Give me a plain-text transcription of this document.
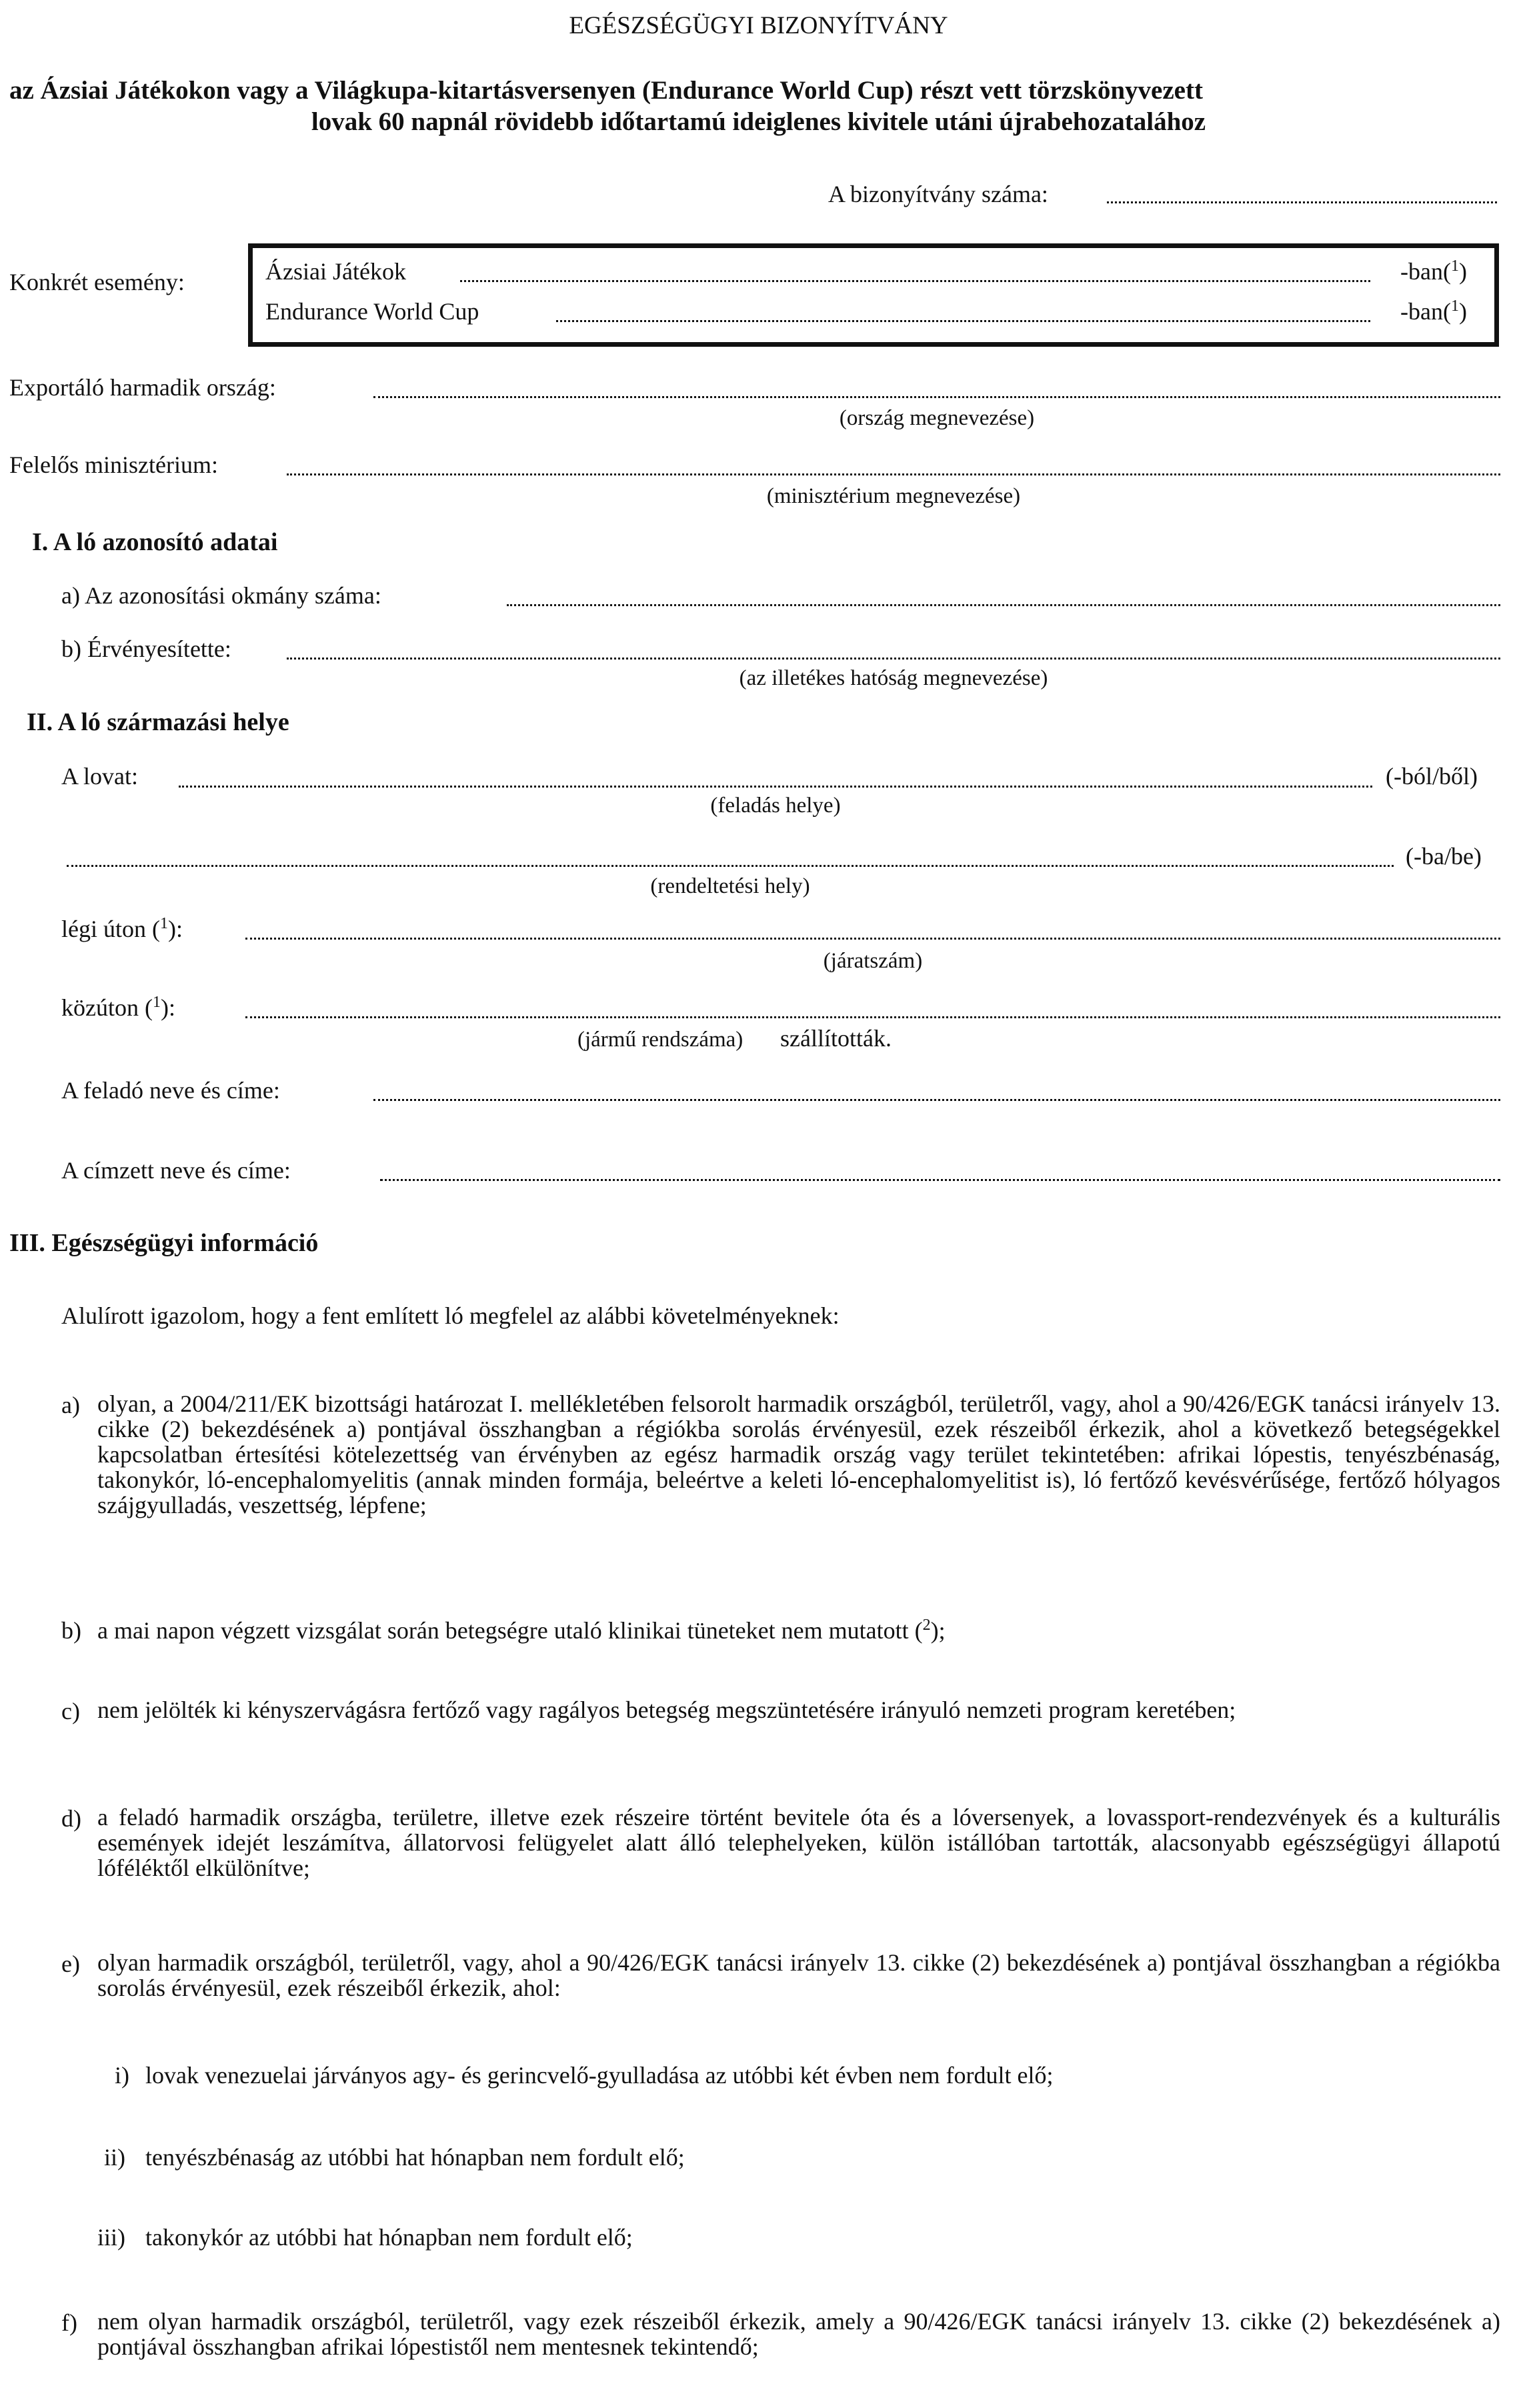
EGÉSZSÉGÜGYI BIZONYÍTVÁNY
az Ázsiai Játékokon vagy a Világkupa-kitartásversenyen (Endurance World Cup) részt vett törzskönyvezett
lovak 60 napnál rövidebb időtartamú ideiglenes kivitele utáni újrabehozatalához
A bizonyítvány száma:
Konkrét esemény:	Ázsiai Játékok	-ban($^1$)
Endurance World Cup	-ban($^1$)
Exportáló harmadik ország:
(ország megnevezése)
Felelős minisztérium:
(minisztérium megnevezése)
I. A ló azonosító adatai
a) Az azonosítási okmány száma:
b) Érvényesítette:
(az illetékes hatóság megnevezése)
II. A ló származási helye
A lovat:	(-ból/ből)
(feladás helye)
(-ba/be)
(rendeltetési hely)
légi úton ($^1$):
(járatszám)
közúton ($^1$):
(jármű rendszáma) szállították.
A feladó neve és címe:
A címzett neve és címe:
III. Egészségügyi információ
Alulírott igazolom, hogy a fent említett ló megfelel az alábbi követelményeknek:
a) olyan, a 2004/211/EK bizottsági határozat I. mellékletében felsorolt harmadik országból, területről, vagy, ahol a 90/426/EGK tanácsi irányelv 13. cikke (2) bekezdésének a) pontjával összhangban a régiókba sorolás érvényesül, ezek részeiből érkezik, ahol a következő betegségekkel kapcsolatban értesítési kötelezettség van érvényben az egész harmadik ország vagy terület tekintetében: afrikai lópestis, tenyészbénaság, takonykór, ló-encephalomyelitis (annak minden formája, beleértve a keleti ló-encephalomyelitist is), ló fertőző kevésvérűsége, fertőző hólyagos szájgyulladás, veszettség, lépfene;
b) a mai napon végzett vizsgálat során betegségre utaló klinikai tüneteket nem mutatott ($^2$);
c) nem jelölték ki kényszervágásra fertőző vagy ragályos betegség megszüntetésére irányuló nemzeti program keretében;
d) a feladó harmadik országba, területre, illetve ezek részeire történt bevitele óta és a lóversenyek, a lovassport-rendezvények és a kulturális események idejét leszámítva, állatorvosi felügyelet alatt álló telephelyeken, külön istállóban tartották, alacsonyabb egészségügyi állapotú lóféléktől elkülönítve;
e) olyan harmadik országból, területről, vagy, ahol a 90/426/EGK tanácsi irányelv 13. cikke (2) bekezdésének a) pontjával összhangban a régiókba sorolás érvényesül, ezek részeiből érkezik, ahol:
i) lovak venezuelai járványos agy- és gerincvelő-gyulladása az utóbbi két évben nem fordult elő;
ii) tenyészbénaság az utóbbi hat hónapban nem fordult elő;
iii) takonykór az utóbbi hat hónapban nem fordult elő;
f) nem olyan harmadik országból, területről, vagy ezek részeiből érkezik, amely a 90/426/EGK tanácsi irányelv 13. cikke (2) bekezdésének a) pontjával összhangban afrikai lópestistől nem mentesnek tekintendő;
